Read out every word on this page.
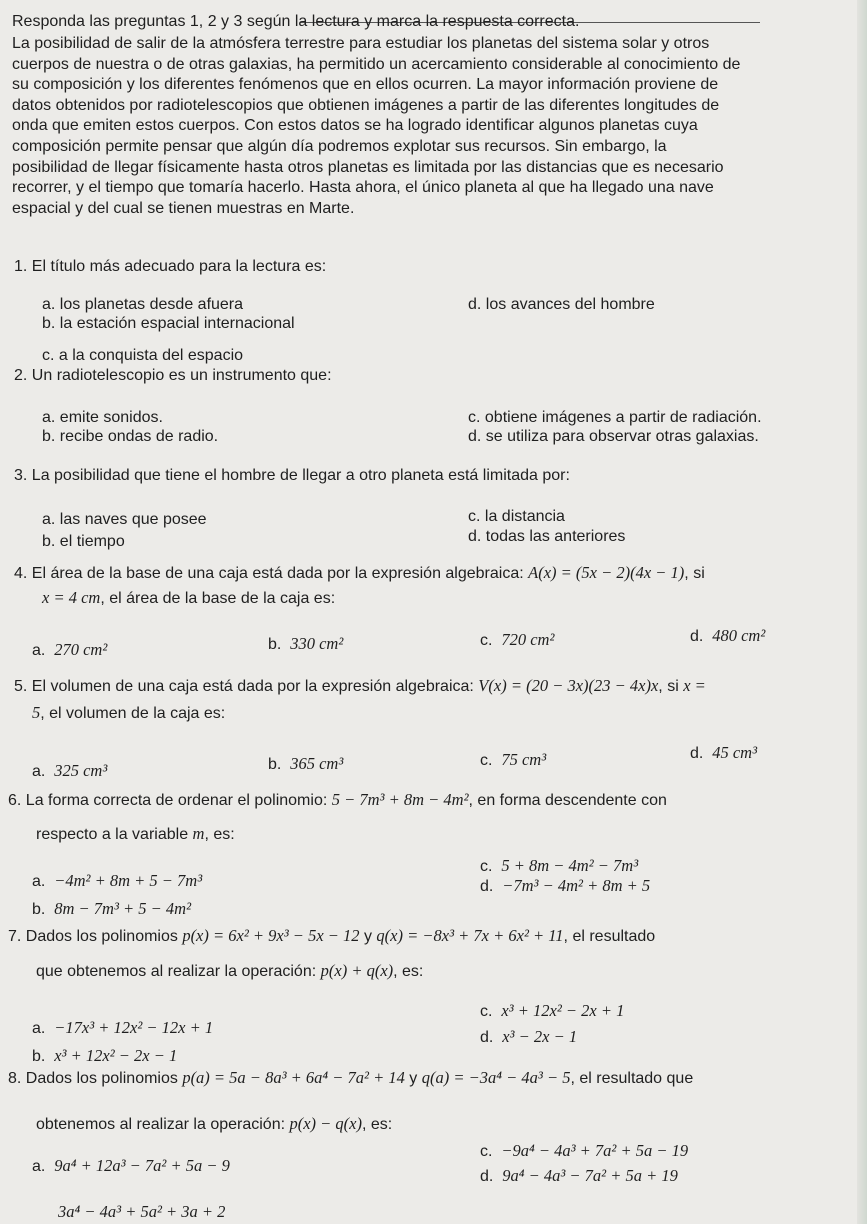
Responda las preguntas 1, 2 y 3 según la lectura y marca la respuesta correcta.
La posibilidad de salir de la atmósfera terrestre para estudiar los planetas del sistema solar y otros
cuerpos de nuestra o de otras galaxias, ha permitido un acercamiento considerable al conocimiento de
su composición y los diferentes fenómenos que en ellos ocurren. La mayor información proviene de
datos obtenidos por radiotelescopios que obtienen imágenes a partir de las diferentes longitudes de
onda que emiten estos cuerpos. Con estos datos se ha logrado identificar algunos planetas cuya
composición permite pensar que algún día podremos explotar sus recursos. Sin embargo, la
posibilidad de llegar físicamente hasta otros planetas es limitada por las distancias que es necesario
recorrer, y el tiempo que tomaría hacerlo. Hasta ahora, el único planeta al que ha llegado una nave
espacial y del cual se tienen muestras en Marte.
1. El título más adecuado para la lectura es:
a. los planetas desde afuera	d. los avances del hombre
b. la estación espacial internacional
c. a la conquista del espacio
2. Un radiotelescopio es un instrumento que:
a. emite sonidos.	c. obtiene imágenes a partir de radiación.
b. recibe ondas de radio.	d. se utiliza para observar otras galaxias.
3. La posibilidad que tiene el hombre de llegar a otro planeta está limitada por:
a. las naves que posee	c. la distancia
b. el tiempo	d. todas las anteriores
4. El área de la base de una caja está dada por la expresión algebraica: A(x) = (5x − 2)(4x − 1), si
x = 4 cm, el área de la base de la caja es:
a. 270 cm²	b. 330 cm²	c. 720 cm²	d. 480 cm²
5. El volumen de una caja está dada por la expresión algebraica: V(x) = (20 − 3x)(23 − 4x)x, si x =
5, el volumen de la caja es:
a. 325 cm³	b. 365 cm³	c. 75 cm³	d. 45 cm³
6. La forma correcta de ordenar el polinomio: 5 − 7m³ + 8m − 4m², en forma descendente con
respecto a la variable m, es:
c. 5 + 8m − 4m² − 7m³
a. −4m² + 8m + 5 − 7m³	d. −7m³ − 4m² + 8m + 5
b. 8m − 7m³ + 5 − 4m²
7. Dados los polinomios p(x) = 6x² + 9x³ − 5x − 12 y q(x) = −8x³ + 7x + 6x² + 11, el resultado
que obtenemos al realizar la operación: p(x) + q(x), es:
c. x³ + 12x² − 2x + 1
a. −17x³ + 12x² − 12x + 1
d. x³ − 2x − 1
b. x³ + 12x² − 2x − 1
8. Dados los polinomios p(a) = 5a − 8a³ + 6a⁴ − 7a² + 14 y q(a) = −3a⁴ − 4a³ − 5, el resultado que
obtenemos al realizar la operación: p(x) − q(x), es:
c. −9a⁴ − 4a³ + 7a² + 5a − 19
a. 9a⁴ + 12a³ − 7a² + 5a − 9
d. 9a⁴ − 4a³ − 7a² + 5a + 19
3a⁴ − 4a³ + 5a² + 3a + 2
